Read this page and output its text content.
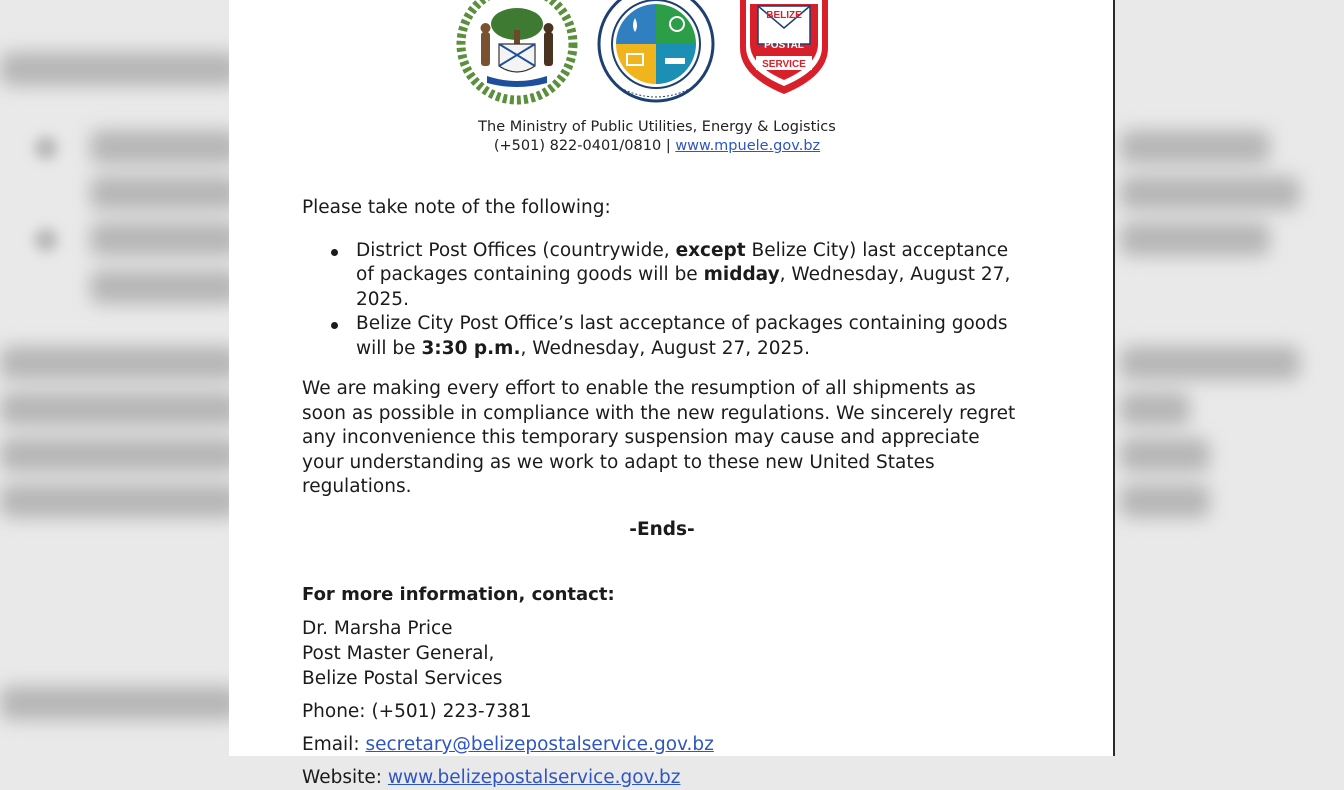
BELIZE
POSTAL
SERVICE
The Ministry of Public Utilities, Energy & Logistics
(+501) 822-0401/0810 | www.mpuele.gov.bz

Please take note of the following:

District Post Offices (countrywide, except Belize City) last acceptance of packages containing goods will be midday, Wednesday, August 27, 2025.
Belize City Post Office’s last acceptance of packages containing goods will be 3:30 p.m., Wednesday, August 27, 2025.

We are making every effort to enable the resumption of all shipments as soon as possible in compliance with the new regulations. We sincerely regret any inconvenience this temporary suspension may cause and appreciate your understanding as we work to adapt to these new United States regulations.

-Ends-
For more information, contact:
Dr. Marsha Price
Post Master General,
Belize Postal Services
Phone: (+501) 223-7381
Email: secretary@belizepostalservice.gov.bz
Website: www.belizepostalservice.gov.bz
